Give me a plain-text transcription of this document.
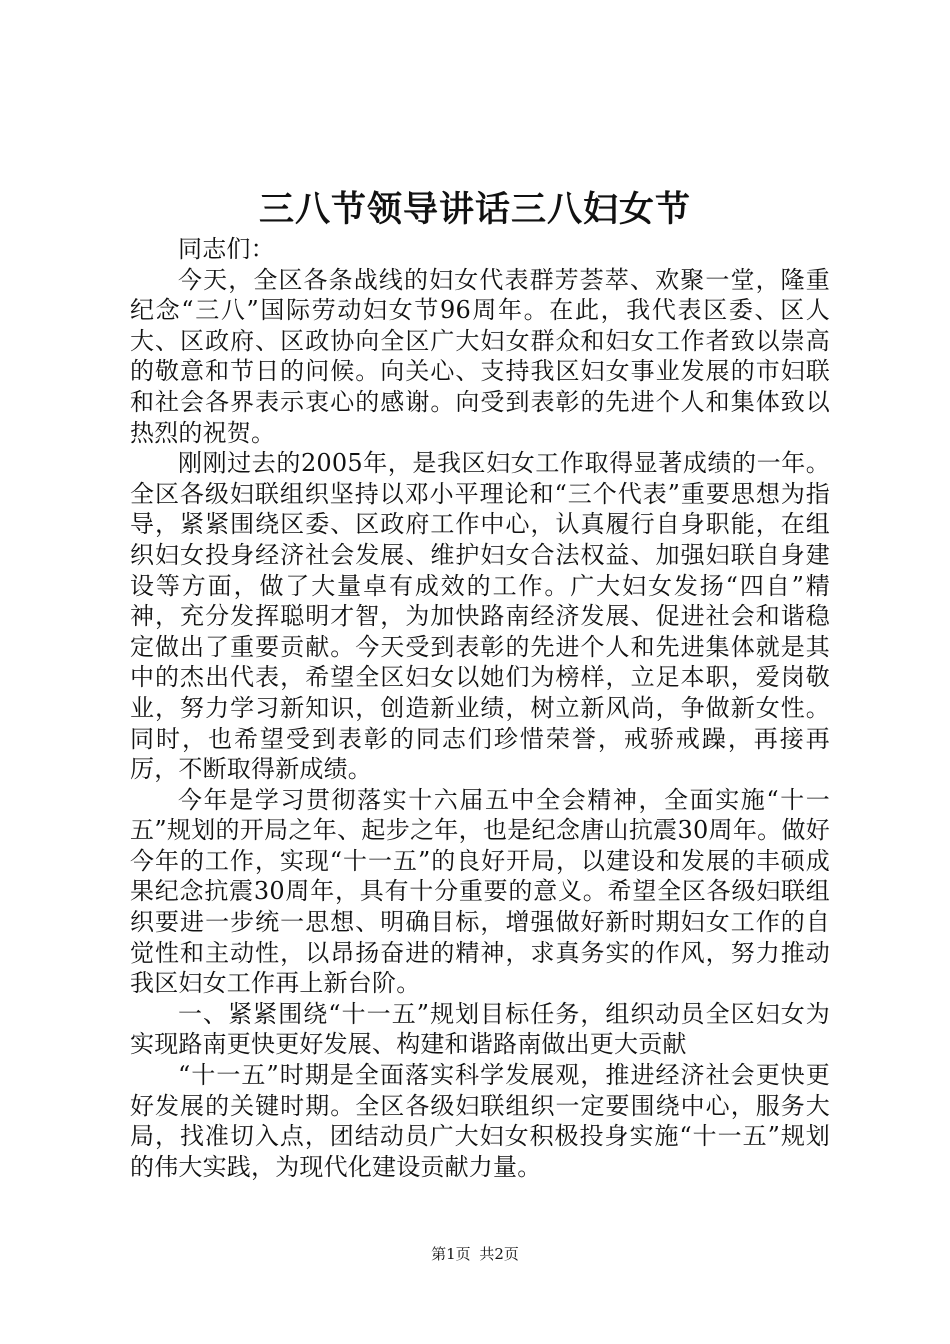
三八节领导讲话三八妇女节

同志们：

今天，全区各条战线的妇女代表群芳荟萃、欢聚一堂，隆重纪念“三八”国际劳动妇女节96周年。在此，我代表区委、区人大、区政府、区政协向全区广大妇女群众和妇女工作者致以崇高的敬意和节日的问候。向关心、支持我区妇女事业发展的市妇联和社会各界表示衷心的感谢。向受到表彰的先进个人和集体致以热烈的祝贺。

刚刚过去的2005年，是我区妇女工作取得显著成绩的一年。全区各级妇联组织坚持以邓小平理论和“三个代表”重要思想为指导，紧紧围绕区委、区政府工作中心，认真履行自身职能，在组织妇女投身经济社会发展、维护妇女合法权益、加强妇联自身建设等方面，做了大量卓有成效的工作。广大妇女发扬“四自”精神，充分发挥聪明才智，为加快路南经济发展、促进社会和谐稳定做出了重要贡献。今天受到表彰的先进个人和先进集体就是其中的杰出代表，希望全区妇女以她们为榜样，立足本职，爱岗敬业，努力学习新知识，创造新业绩，树立新风尚，争做新女性。同时，也希望受到表彰的同志们珍惜荣誉，戒骄戒躁，再接再厉，不断取得新成绩。

今年是学习贯彻落实十六届五中全会精神，全面实施“十一五”规划的开局之年、起步之年，也是纪念唐山抗震30周年。做好今年的工作，实现“十一五”的良好开局，以建设和发展的丰硕成果纪念抗震30周年，具有十分重要的意义。希望全区各级妇联组织要进一步统一思想、明确目标，增强做好新时期妇女工作的自觉性和主动性，以昂扬奋进的精神，求真务实的作风，努力推动我区妇女工作再上新台阶。

一、紧紧围绕“十一五”规划目标任务，组织动员全区妇女为实现路南更快更好发展、构建和谐路南做出更大贡献

“十一五”时期是全面落实科学发展观，推进经济社会更快更好发展的关键时期。全区各级妇联组织一定要围绕中心，服务大局，找准切入点，团结动员广大妇女积极投身实施“十一五”规划的伟大实践，为现代化建设贡献力量。

第1页 共2页
